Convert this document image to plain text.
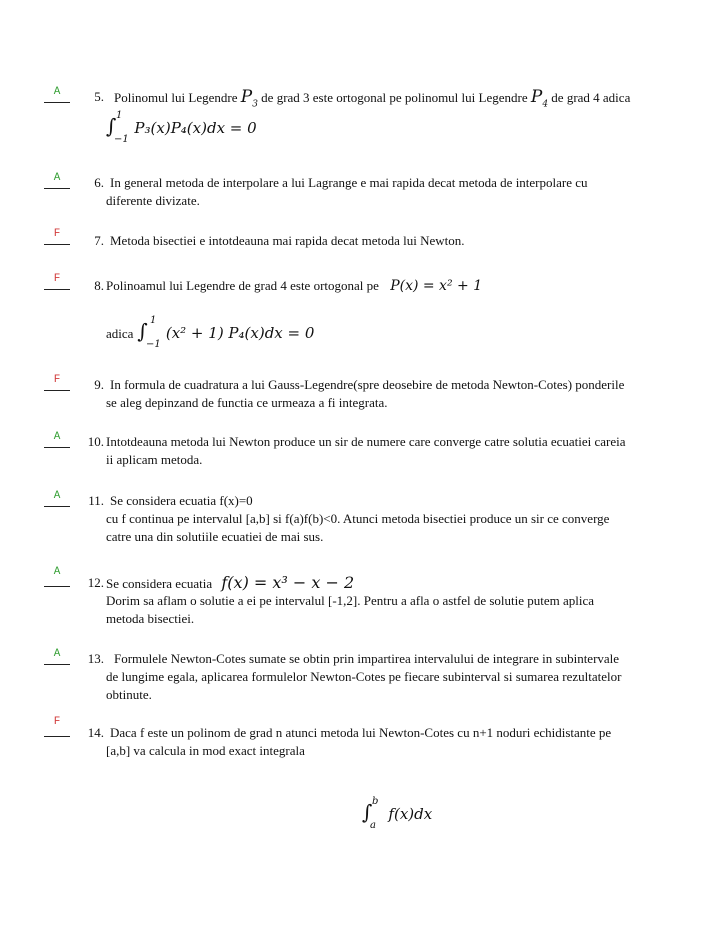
A	5. Polinomul lui Legendre $P_3$ de grad 3 este ortogonal pe polinomul lui Legendre $P_4$ de grad 4 adica
∫ 1
−1
P₃(x)P₄(x)dx = 0
A	6. In general metoda de interpolare a lui Lagrange e mai rapida decat metoda de interpolare cu
diferente divizate.
F	7. Metoda bisectiei e intotdeauna mai rapida decat metoda lui Newton.
F	8. Polinoamul lui Legendre de grad 4 este ortogonal pe P(x) = x² + 1
adica ∫ 1
−1
(x² + 1) P₄(x)dx = 0
F	9. In formula de cuadratura a lui Gauss-Legendre(spre deosebire de metoda Newton-Cotes) ponderile
se aleg depinzand de functia ce urmeaza a fi integrata.
A	10. Intotdeauna metoda lui Newton produce un sir de numere care converge catre solutia ecuatiei careia
ii aplicam metoda.
A	11. Se considera ecuatia f(x)=0
cu f continua pe intervalul [a,b] si f(a)f(b)<0. Atunci metoda bisectiei produce un sir ce converge
catre una din solutiile ecuatiei de mai sus.
A
12. Se considera ecuatia f(x) = x³ − x − 2
Dorim sa aflam o solutie a ei pe intervalul [-1,2]. Pentru a afla o astfel de solutie putem aplica
metoda bisectiei.
A	13. Formulele Newton-Cotes sumate se obtin prin impartirea intervalului de integrare in subintervale
de lungime egala, aplicarea formulelor Newton-Cotes pe fiecare subinterval si sumarea rezultatelor
obtinute.
F
14. Daca f este un polinom de grad n atunci metoda lui Newton-Cotes cu n+1 noduri echidistante pe
[a,b] va calcula in mod exact integrala
∫ b
a
f(x)dx
